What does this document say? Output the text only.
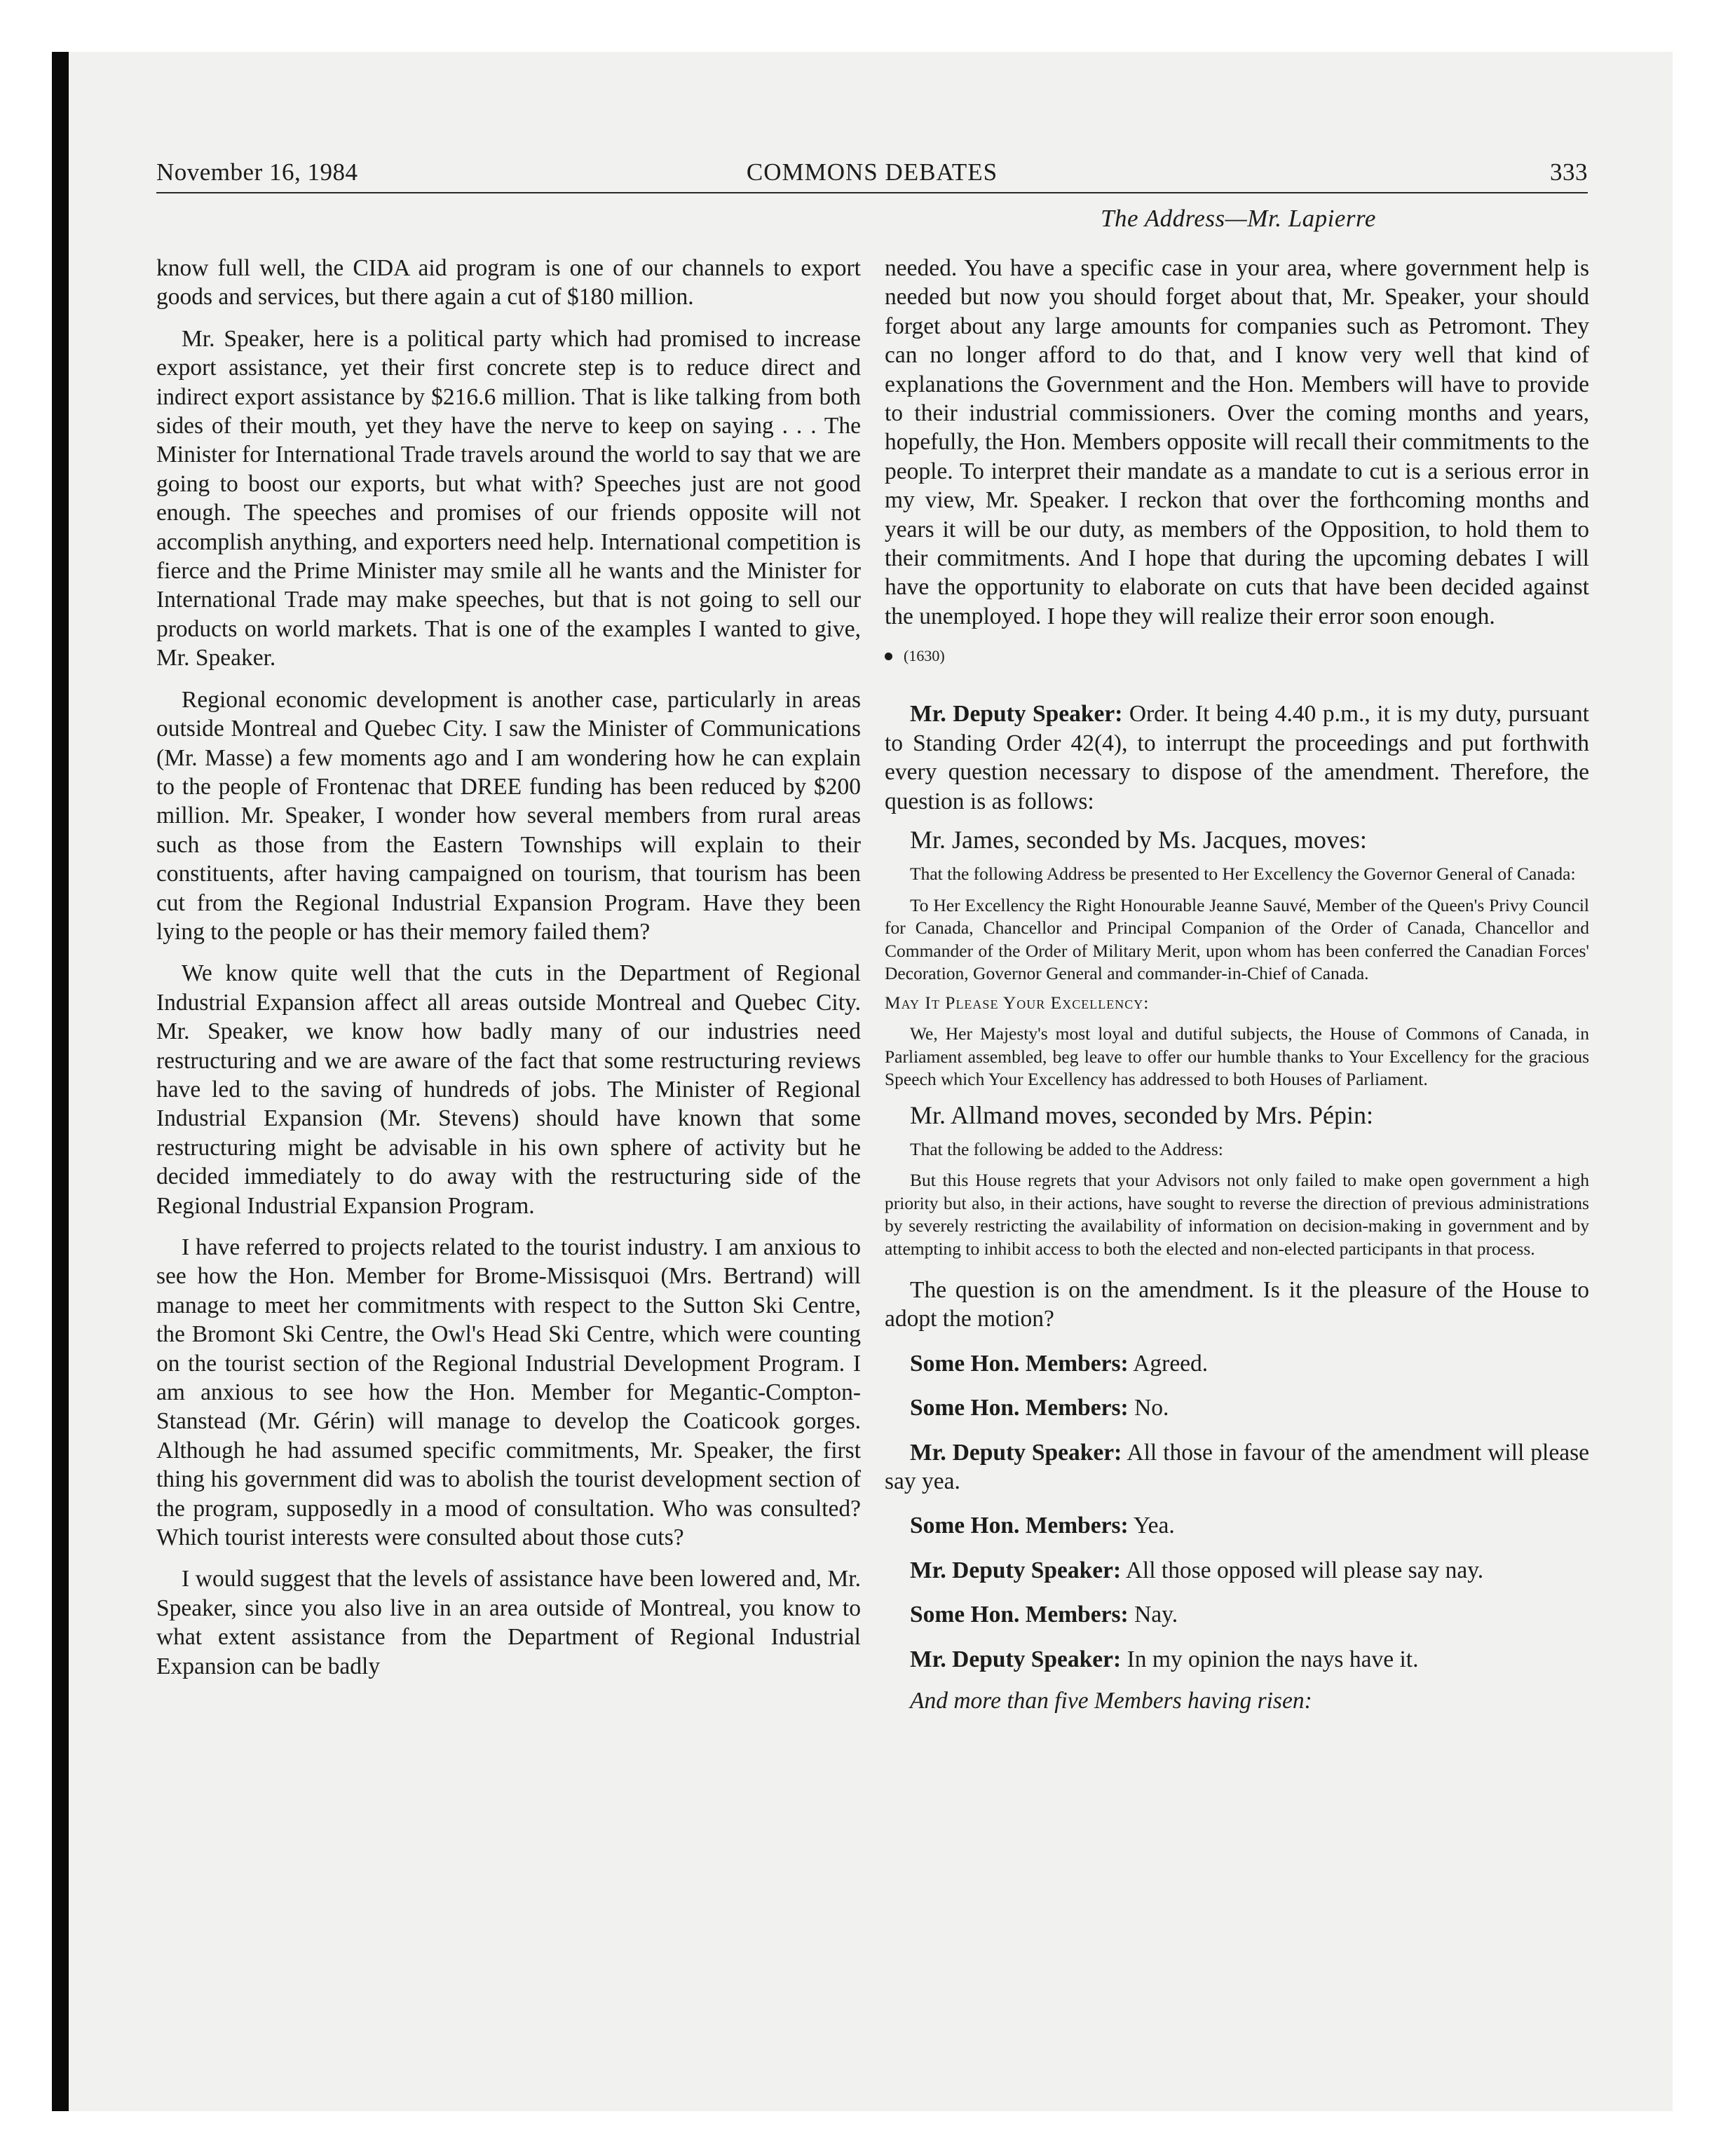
November 16, 1984	COMMONS DEBATES	333
The Address—Mr. Lapierre

know full well, the CIDA aid program is one of our channels to export goods and services, but there again a cut of $180 million.

Mr. Speaker, here is a political party which had promised to increase export assistance, yet their first concrete step is to reduce direct and indirect export assistance by $216.6 million. That is like talking from both sides of their mouth, yet they have the nerve to keep on saying . . . The Minister for International Trade travels around the world to say that we are going to boost our exports, but what with? Speeches just are not good enough. The speeches and promises of our friends opposite will not accomplish anything, and exporters need help. International competition is fierce and the Prime Minister may smile all he wants and the Minister for International Trade may make speeches, but that is not going to sell our products on world markets. That is one of the examples I wanted to give, Mr. Speaker.

Regional economic development is another case, particularly in areas outside Montreal and Quebec City. I saw the Minister of Communications (Mr. Masse) a few moments ago and I am wondering how he can explain to the people of Frontenac that DREE funding has been reduced by $200 million. Mr. Speaker, I wonder how several members from rural areas such as those from the Eastern Townships will explain to their constituents, after having campaigned on tourism, that tourism has been cut from the Regional Industrial Expansion Program. Have they been lying to the people or has their memory failed them?

We know quite well that the cuts in the Department of Regional Industrial Expansion affect all areas outside Montreal and Quebec City. Mr. Speaker, we know how badly many of our industries need restructuring and we are aware of the fact that some restructuring reviews have led to the saving of hundreds of jobs. The Minister of Regional Industrial Expansion (Mr. Stevens) should have known that some restructuring might be advisable in his own sphere of activity but he decided immediately to do away with the restructuring side of the Regional Industrial Expansion Program.

I have referred to projects related to the tourist industry. I am anxious to see how the Hon. Member for Brome-Missisquoi (Mrs. Bertrand) will manage to meet her commitments with respect to the Sutton Ski Centre, the Bromont Ski Centre, the Owl's Head Ski Centre, which were counting on the tourist section of the Regional Industrial Development Program. I am anxious to see how the Hon. Member for Megantic-Compton-Stanstead (Mr. Gérin) will manage to develop the Coaticook gorges. Although he had assumed specific commitments, Mr. Speaker, the first thing his government did was to abolish the tourist development section of the program, supposedly in a mood of consultation. Who was consulted? Which tourist interests were consulted about those cuts?

I would suggest that the levels of assistance have been lowered and, Mr. Speaker, since you also live in an area outside of Montreal, you know to what extent assistance from the Department of Regional Industrial Expansion can be badly

needed. You have a specific case in your area, where government help is needed but now you should forget about that, Mr. Speaker, your should forget about any large amounts for companies such as Petromont. They can no longer afford to do that, and I know very well that kind of explanations the Government and the Hon. Members will have to provide to their industrial commissioners. Over the coming months and years, hopefully, the Hon. Members opposite will recall their commitments to the people. To interpret their mandate as a mandate to cut is a serious error in my view, Mr. Speaker. I reckon that over the forthcoming months and years it will be our duty, as members of the Opposition, to hold them to their commitments. And I hope that during the upcoming debates I will have the opportunity to elaborate on cuts that have been decided against the unemployed. I hope they will realize their error soon enough.

(1630)

Mr. Deputy Speaker: Order. It being 4.40 p.m., it is my duty, pursuant to Standing Order 42(4), to interrupt the proceedings and put forthwith every question necessary to dispose of the amendment. Therefore, the question is as follows:

Mr. James, seconded by Ms. Jacques, moves:

That the following Address be presented to Her Excellency the Governor General of Canada:

To Her Excellency the Right Honourable Jeanne Sauvé, Member of the Queen's Privy Council for Canada, Chancellor and Principal Companion of the Order of Canada, Chancellor and Commander of the Order of Military Merit, upon whom has been conferred the Canadian Forces' Decoration, Governor General and commander-in-Chief of Canada.

May It Please Your Excellency:

We, Her Majesty's most loyal and dutiful subjects, the House of Commons of Canada, in Parliament assembled, beg leave to offer our humble thanks to Your Excellency for the gracious Speech which Your Excellency has addressed to both Houses of Parliament.

Mr. Allmand moves, seconded by Mrs. Pépin:

That the following be added to the Address:

But this House regrets that your Advisors not only failed to make open government a high priority but also, in their actions, have sought to reverse the direction of previous administrations by severely restricting the availability of information on decision-making in government and by attempting to inhibit access to both the elected and non-elected participants in that process.

The question is on the amendment. Is it the pleasure of the House to adopt the motion?

Some Hon. Members: Agreed.

Some Hon. Members: No.

Mr. Deputy Speaker: All those in favour of the amendment will please say yea.

Some Hon. Members: Yea.

Mr. Deputy Speaker: All those opposed will please say nay.

Some Hon. Members: Nay.

Mr. Deputy Speaker: In my opinion the nays have it.

And more than five Members having risen:
